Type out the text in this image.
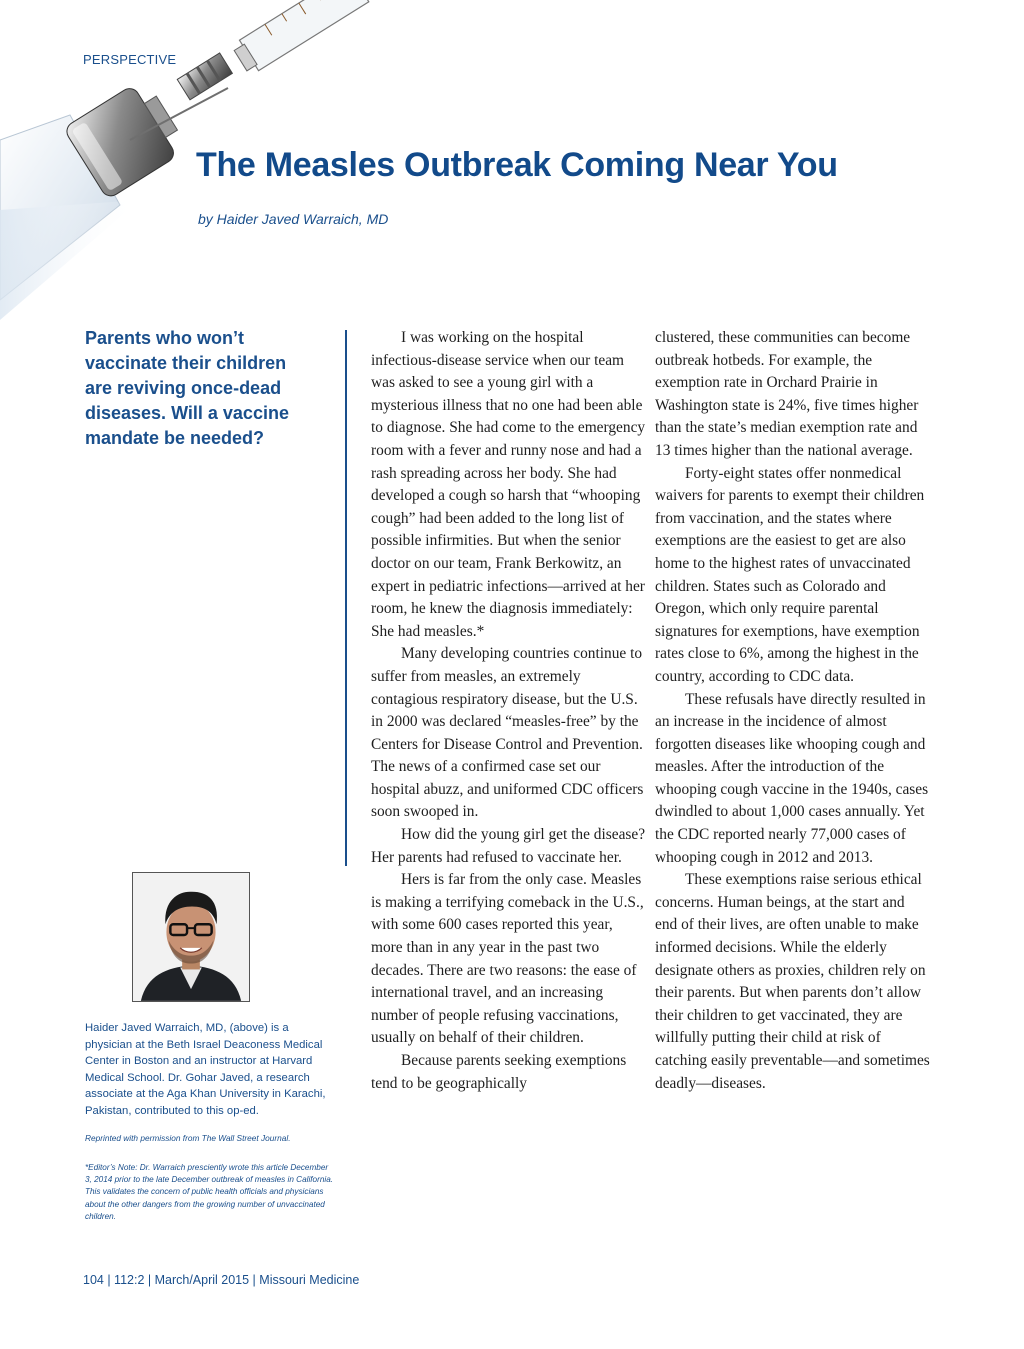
PERSPECTIVE
The Measles Outbreak Coming Near You
by Haider Javed Warraich, MD
Parents who won’t vaccinate their children are reviving once-dead diseases. Will a vaccine mandate be needed?
Haider Javed Warraich, MD, (above) is a physician at the Beth Israel Deaconess Medical Center in Boston and an instructor at Harvard Medical School. Dr. Gohar Javed, a research associate at the Aga Khan University in Karachi, Pakistan, contributed to this op-ed.
Reprinted with permission from The Wall Street Journal.
*Editor’s Note: Dr. Warraich presciently wrote this article December 3, 2014 prior to the late December outbreak of measles in California. This validates the concern of public health officials and physicians about the other dangers from the growing number of unvaccinated children.

I was working on the hospital infectious-disease service when our team was asked to see a young girl with a mysterious illness that no one had been able to diagnose. She had come to the emergency room with a fever and runny nose and had a rash spreading across her body. She had developed a cough so harsh that “whooping cough” had been added to the long list of possible infirmities. But when the senior doctor on our team, Frank Berkowitz, an expert in pediatric infections—arrived at her room, he knew the diagnosis immediately: She had measles.*

Many developing countries continue to suffer from measles, an extremely contagious respiratory disease, but the U.S. in 2000 was declared “measles-free” by the Centers for Disease Control and Prevention. The news of a confirmed case set our hospital abuzz, and uniformed CDC officers soon swooped in.

How did the young girl get the disease? Her parents had refused to vaccinate her.

Hers is far from the only case. Measles is making a terrifying comeback in the U.S., with some 600 cases reported this year, more than in any year in the past two decades. There are two reasons: the ease of international travel, and an increasing number of people refusing vaccinations, usually on behalf of their children.

Because parents seeking exemptions tend to be geographically

clustered, these communities can become outbreak hotbeds. For example, the exemption rate in Orchard Prairie in Washington state is 24%, five times higher than the state’s median exemption rate and 13 times higher than the national average.

Forty-eight states offer nonmedical waivers for parents to exempt their children from vaccination, and the states where exemptions are the easiest to get are also home to the highest rates of unvaccinated children. States such as Colorado and Oregon, which only require parental signatures for exemptions, have exemption rates close to 6%, among the highest in the country, according to CDC data.

These refusals have directly resulted in an increase in the incidence of almost forgotten diseases like whooping cough and measles. After the introduction of the whooping cough vaccine in the 1940s, cases dwindled to about 1,000 cases annually. Yet the CDC reported nearly 77,000 cases of whooping cough in 2012 and 2013.

These exemptions raise serious ethical concerns. Human beings, at the start and end of their lives, are often unable to make informed decisions. While the elderly designate others as proxies, children rely on their parents. But when parents don’t allow their children to get vaccinated, they are willfully putting their child at risk of catching easily preventable—and sometimes deadly—diseases.

104 | 112:2 | March/April 2015 | Missouri Medicine
